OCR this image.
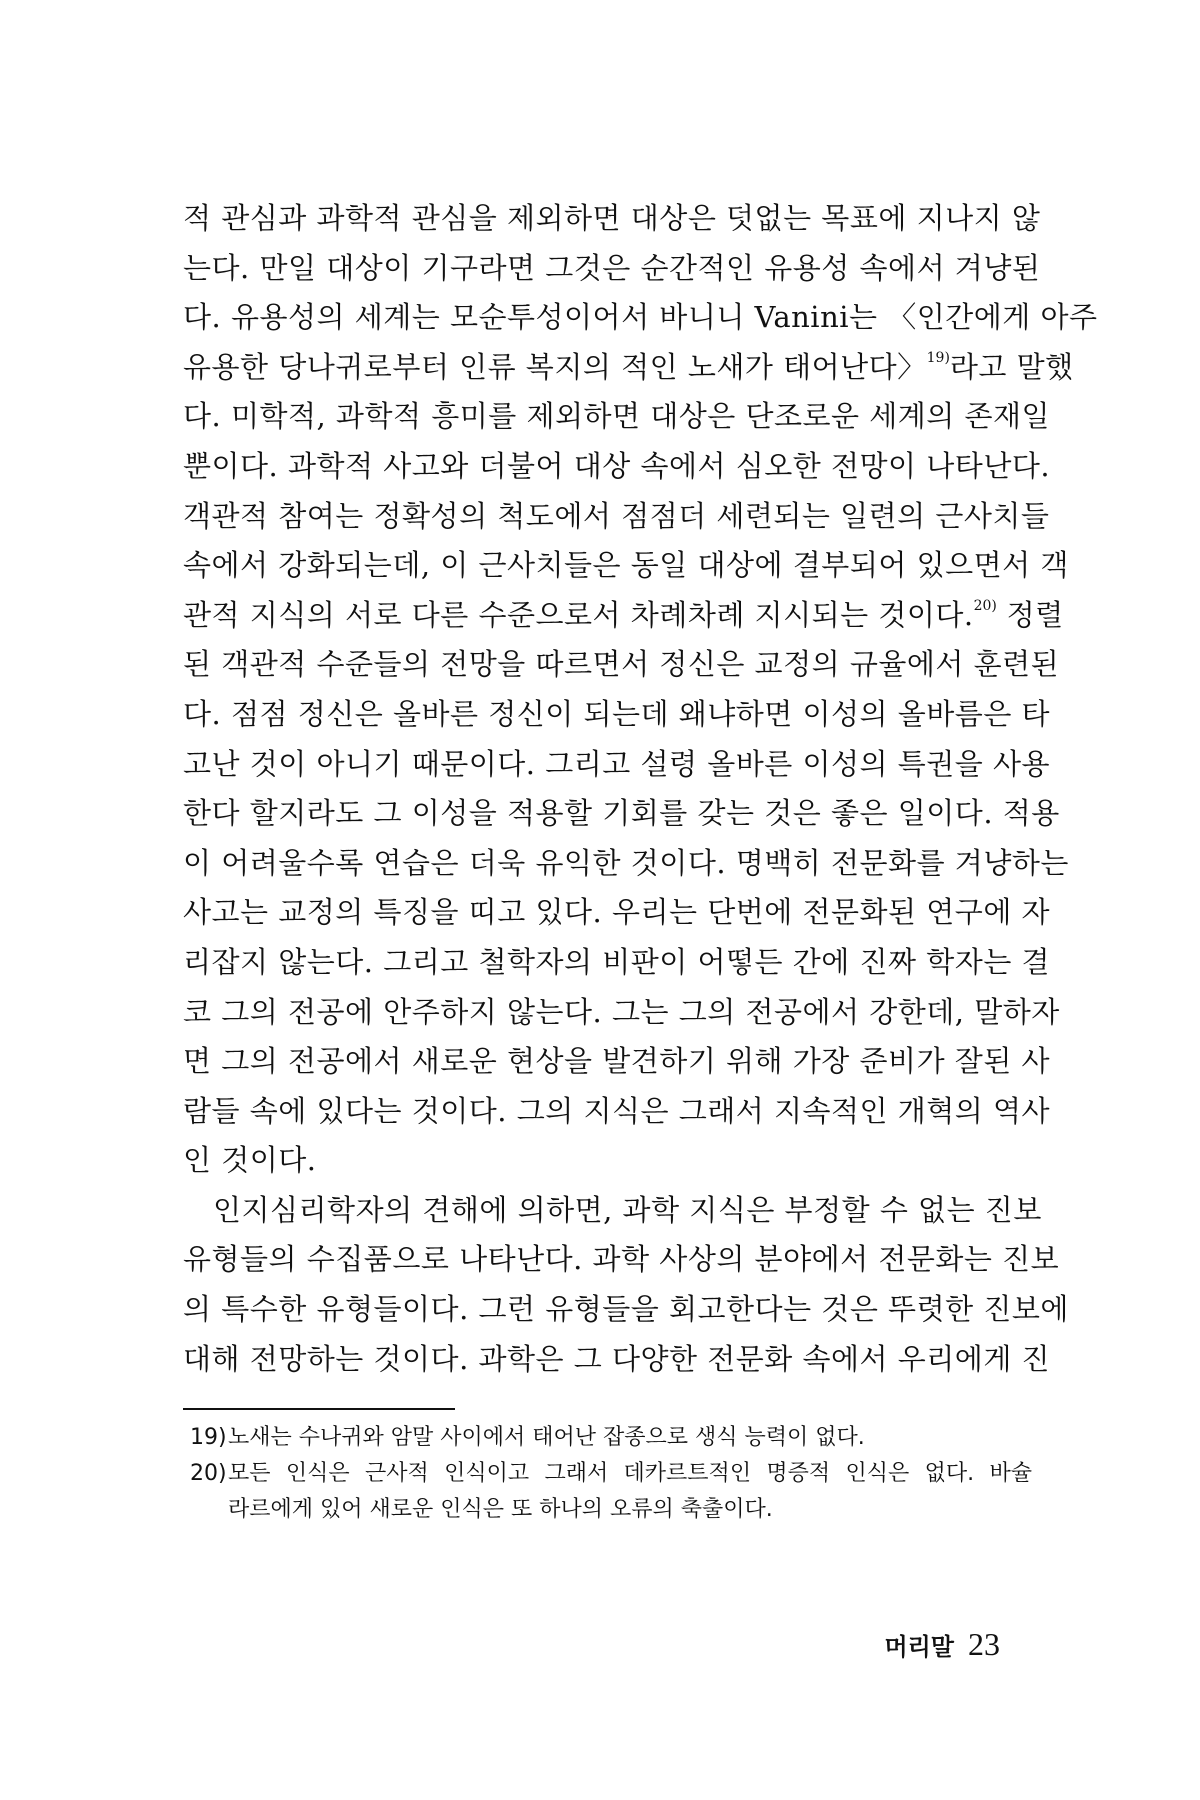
적 관심과 과학적 관심을 제외하면 대상은 덧없는 목표에 지나지 않
는다. 만일 대상이 기구라면 그것은 순간적인 유용성 속에서 겨냥된
다. 유용성의 세계는 모순투성이어서 바니니 Vanini는 〈인간에게 아주
유용한 당나귀로부터 인류 복지의 적인 노새가 태어난다〉$^{19)}$라고 말했
다. 미학적, 과학적 흥미를 제외하면 대상은 단조로운 세계의 존재일
뿐이다. 과학적 사고와 더불어 대상 속에서 심오한 전망이 나타난다.
객관적 참여는 정확성의 척도에서 점점더 세련되는 일련의 근사치들
속에서 강화되는데, 이 근사치들은 동일 대상에 결부되어 있으면서 객
관적 지식의 서로 다른 수준으로서 차례차례 지시되는 것이다.$^{20)}$ 정렬
된 객관적 수준들의 전망을 따르면서 정신은 교정의 규율에서 훈련된
다. 점점 정신은 올바른 정신이 되는데 왜냐하면 이성의 올바름은 타
고난 것이 아니기 때문이다. 그리고 설령 올바른 이성의 특권을 사용
한다 할지라도 그 이성을 적용할 기회를 갖는 것은 좋은 일이다. 적용
이 어려울수록 연습은 더욱 유익한 것이다. 명백히 전문화를 겨냥하는
사고는 교정의 특징을 띠고 있다. 우리는 단번에 전문화된 연구에 자
리잡지 않는다. 그리고 철학자의 비판이 어떻든 간에 진짜 학자는 결
코 그의 전공에 안주하지 않는다. 그는 그의 전공에서 강한데, 말하자
면 그의 전공에서 새로운 현상을 발견하기 위해 가장 준비가 잘된 사
람들 속에 있다는 것이다. 그의 지식은 그래서 지속적인 개혁의 역사
인 것이다.
인지심리학자의 견해에 의하면, 과학 지식은 부정할 수 없는 진보
유형들의 수집품으로 나타난다. 과학 사상의 분야에서 전문화는 진보
의 특수한 유형들이다. 그런 유형들을 회고한다는 것은 뚜렷한 진보에
대해 전망하는 것이다. 과학은 그 다양한 전문화 속에서 우리에게 진
19) 노새는 수나귀와 암말 사이에서 태어난 잡종으로 생식 능력이 없다.
20) 모든 인식은 근사적 인식이고 그래서 데카르트적인 명증적 인식은 없다. 바슐
라르에게 있어 새로운 인식은 또 하나의 오류의 축출이다.
머리말 23
